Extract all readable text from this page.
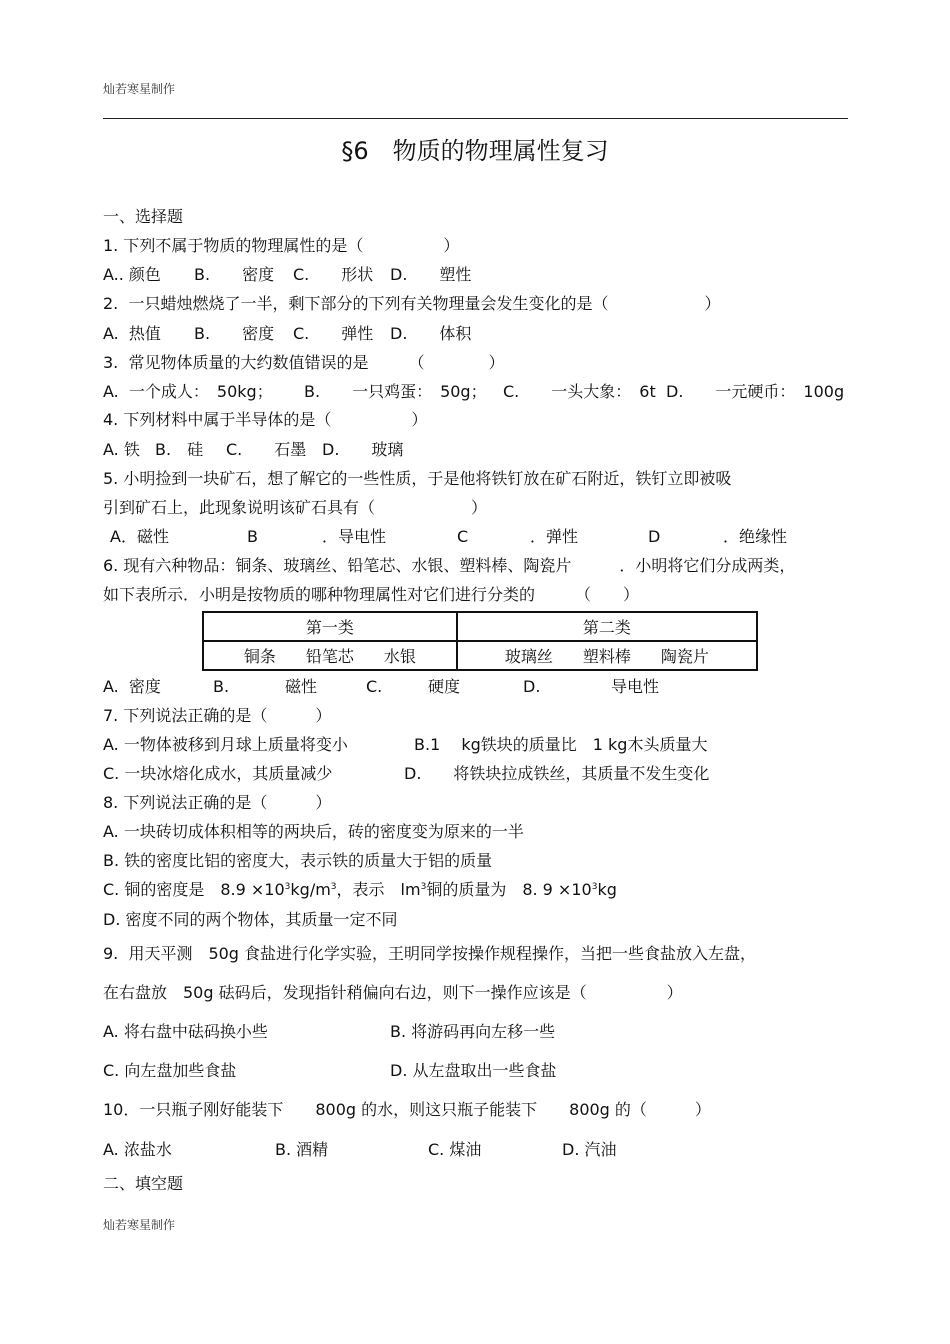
灿若寒星制作
§6　物质的物理属性复习
一、选择题
1. 下列不属于物质的物理属性的是（　　　　　）
A.. 颜色 B.　　密度 C.　　形状 D.　　塑性
2.  一只蜡烛燃烧了一半，剩下部分的下列有关物理量会发生变化的是（　　　　　　）
A.  热值 B.　　密度 C.　　弹性 D.　　体积
3.  常见物体质量的大约数值错误的是　　　（　　　　）
A.  一个成人：　50kg； B.　　一只鸡蛋：　50g； C.　　一头大象：　6t D.　　一元硬币：　100g
4. 下列材料中属于半导体的是（　　　　　）
A. 铁 B.　硅 C.　　石墨 D.　　玻璃
5. 小明捡到一块矿石，想了解它的一些性质，于是他将铁钉放在矿石附近，铁钉立即被吸
引到矿石上，此现象说明该矿石具有（　　　　　　）
A．磁性	B	．导电性	C	．弹性	D	．绝缘性
6. 现有六种物品：铜条、玻璃丝、铅笔芯、水银、塑料棒、陶瓷片　　　．小明将它们分成两类，
如下表所示．小明是按物质的哪种物理属性对它们进行分类的　　　（　　）
第一类	第二类

铜条 铅笔芯 水银	玻璃丝 塑料棒 陶瓷片
A.  密度	B.	磁性	C.	硬度	D.	导电性
7. 下列说法正确的是（　　　）
A. 一物体被移到月球上质量将变小	B.1　 kg铁块的质量比　1 kg木头质量大
C. 一块冰熔化成水，其质量减少	D.　　将铁块拉成铁丝，其质量不发生变化
8. 下列说法正确的是（　　　）
A. 一块砖切成体积相等的两块后，砖的密度变为原来的一半
B. 铁的密度比铝的密度大，表示铁的质量大于铝的质量
C. 铜的密度是　$8.9 \times 10^3kg/m^3$，表示　$lm^3$铜的质量为　8. $9 \times 10^3kg$
D. 密度不同的两个物体，其质量一定不同
9.  用天平测　50g 食盐进行化学实验，王明同学按操作规程操作，当把一些食盐放入左盘，
在右盘放　50g 砝码后，发现指针稍偏向右边，则下一操作应该是（　　　　　）
A. 将右盘中砝码换小些	B. 将游码再向左移一些
C. 向左盘加些食盐	D. 从左盘取出一些食盐
10．一只瓶子刚好能装下　　800g 的水，则这只瓶子能装下　　800g 的（　　　）
A. 浓盐水	B. 酒精	C. 煤油	D. 汽油
二、填空题
灿若寒星制作
